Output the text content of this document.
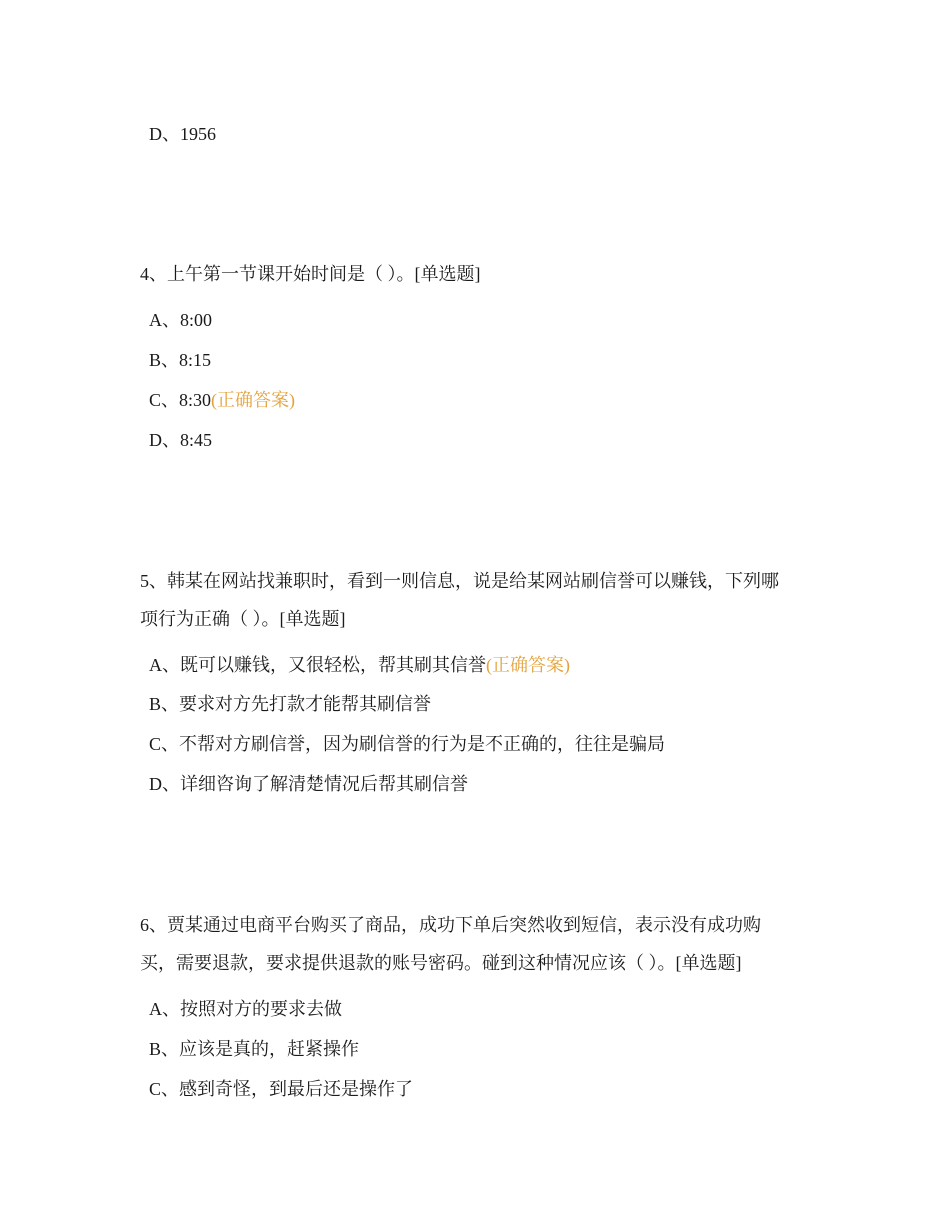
D、1956
4、上午第一节课开始时间是（ ）。[单选题]
A、8:00
B、8:15
C、8:30(正确答案)
D、8:45
5、韩某在网站找兼职时，看到一则信息，说是给某网站刷信誉可以赚钱，下列哪
项行为正确（ ）。[单选题]
A、既可以赚钱，又很轻松，帮其刷其信誉(正确答案)
B、要求对方先打款才能帮其刷信誉
C、不帮对方刷信誉，因为刷信誉的行为是不正确的，往往是骗局
D、详细咨询了解清楚情况后帮其刷信誉
6、贾某通过电商平台购买了商品，成功下单后突然收到短信，表示没有成功购
买，需要退款，要求提供退款的账号密码。碰到这种情况应该（ ）。[单选题]
A、按照对方的要求去做
B、应该是真的，赶紧操作
C、感到奇怪，到最后还是操作了
